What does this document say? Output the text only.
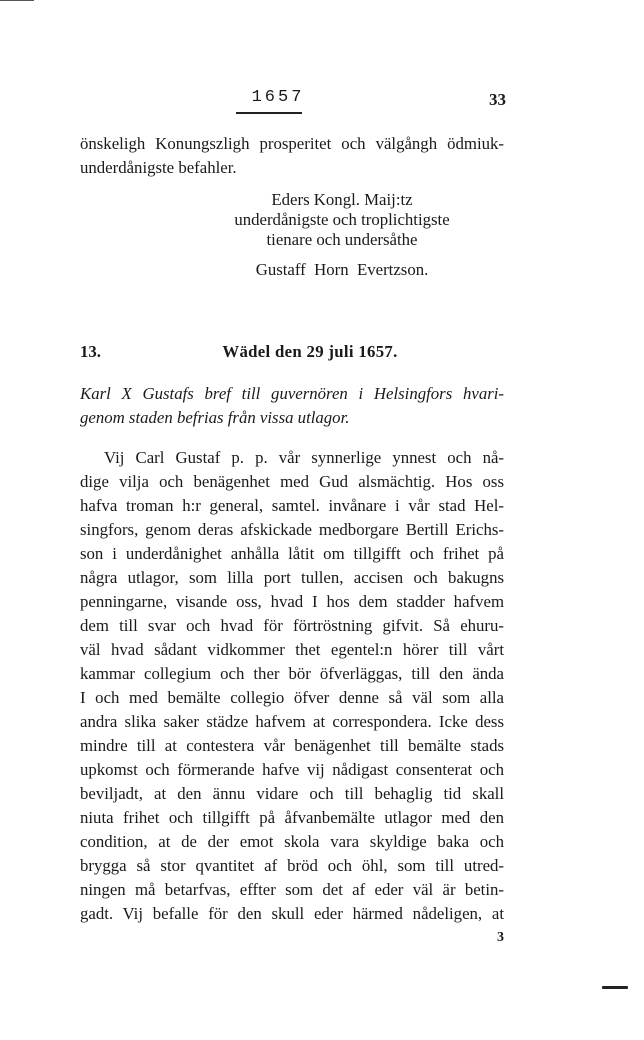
1657	33
önskeligh Konungszligh prosperitet och välgångh ödmiuk-
underdånigste befahler.
Eders Kongl. Maij:tz
underdånigste och troplichtigste
tienare och undersåthe
Gustaff  Horn  Evertzson.
13.	Wädel den 29 juli 1657.
Karl X Gustafs bref till guvernören i Helsingfors hvari-
genom staden befrias från vissa utlagor.
Vij Carl Gustaf p. p. vår synnerlige ynnest och nå-
dige vilja och benägenhet med Gud alsmächtig. Hos oss
hafva troman h:r general, samtel. invånare i vår stad Hel-
singfors, genom deras afskickade medborgare Bertill Erichs-
son i underdånighet anhålla låtit om tillgifft och frihet på
några utlagor, som lilla port tullen, accisen och bakugns
penningarne, visande oss, hvad I hos dem stadder hafvem
dem till svar och hvad för förtröstning gifvit. Så ehuru-
väl hvad sådant vidkommer thet egentel:n hörer till vårt
kammar collegium och ther bör öfverläggas, till den ända
I och med bemälte collegio öfver denne så väl som alla
andra slika saker städze hafvem at correspondera. Icke dess
mindre till at contestera vår benägenhet till bemälte stads
upkomst och förmerande hafve vij nådigast consenterat och
beviljadt, at den ännu vidare och till behaglig tid skall
niuta frihet och tillgifft på åfvanbemälte utlagor med den
condition, at de der emot skola vara skyldige baka och
brygga så stor qvantitet af bröd och öhl, som till utred-
ningen må betarfvas, effter som det af eder väl är betin-
gadt. Vij befalle för den skull eder härmed nådeligen, at
3
